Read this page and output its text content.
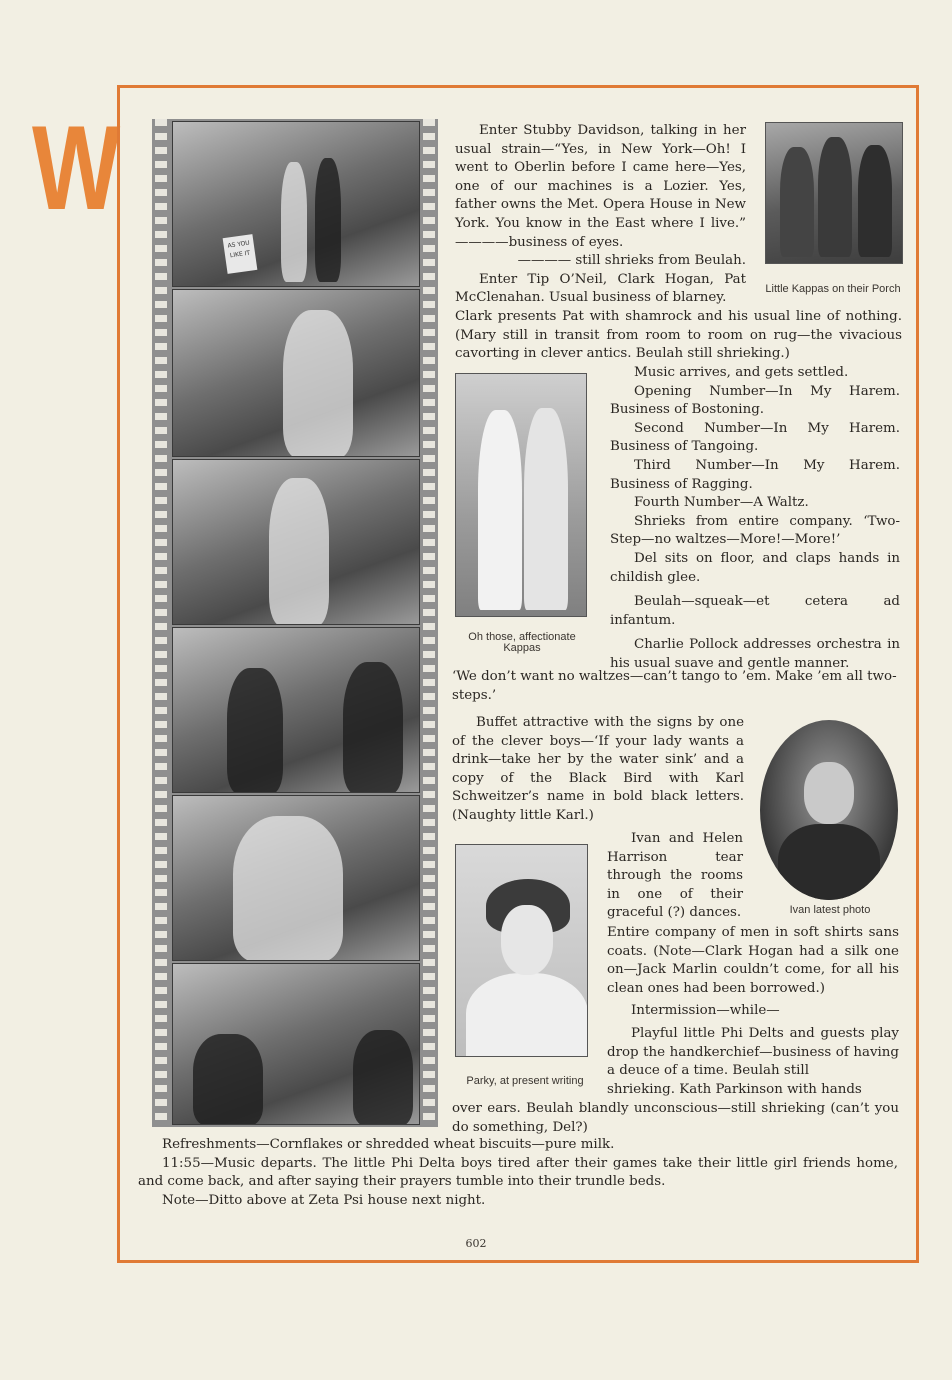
W
AS YOU LIKE IT
Little Kappas on their Porch
Oh those, affectionate Kappas
Ivan latest photo
Parky, at present writing

Enter Stubby Davidson, talking in her usual strain—“Yes, in New York—Oh! I went to Oberlin before I came here—Yes, one of our machines is a Lozier. Yes, father owns the Met. Opera House in New York. You know in the East where I live.” ————business of eyes.

———— still shrieks from Beulah.

Enter Tip O’Neil, Clark Hogan, Pat McClenahan. Usual business of blarney.

Clark presents Pat with shamrock and his usual line of nothing. (Mary still in transit from room to room on rug—the vivacious cavorting in clever antics. Beulah still shrieking.)

Music arrives, and gets settled.

Opening Number—In My Harem. Business of Bostoning.

Second Number—In My Harem. Business of Tangoing.

Third Number—In My Harem. Business of Ragging.

Fourth Number—A Waltz.

Shrieks from entire company. ‘Two-Step—no waltzes—More!—More!’

Del sits on floor, and claps hands in childish glee.

Beulah—squeak—et cetera ad infantum.

Charlie Pollock addresses orchestra in his usual suave and gentle manner.

‘We don’t want no waltzes—can’t tango to ’em. Make ’em all two-steps.’

Buffet attractive with the signs by one of the clever boys—‘If your lady wants a drink—take her by the water sink’ and a copy of the Black Bird with Karl Schweitzer’s name in bold black letters. (Naughty little Karl.)

Ivan and Helen Harrison tear through the rooms in one of their graceful (?) dances.

Entire company of men in soft shirts sans coats. (Note—Clark Hogan had a silk one on—Jack Marlin couldn’t come, for all his clean ones had been borrowed.)

Intermission—while—

Playful little Phi Delts and guests play drop the handkerchief—business of having a deuce of a time. Beulah still

shrieking. Kath Parkinson with hands

over ears. Beulah blandly unconscious—still shrieking (can’t you do something, Del?)

Refreshments—Cornflakes or shredded wheat biscuits—pure milk.

11:55—Music departs. The little Phi Delta boys tired after their games take their little girl friends home, and come back, and after saying their prayers tumble into their trundle beds.

Note—Ditto above at Zeta Psi house next night.

602
